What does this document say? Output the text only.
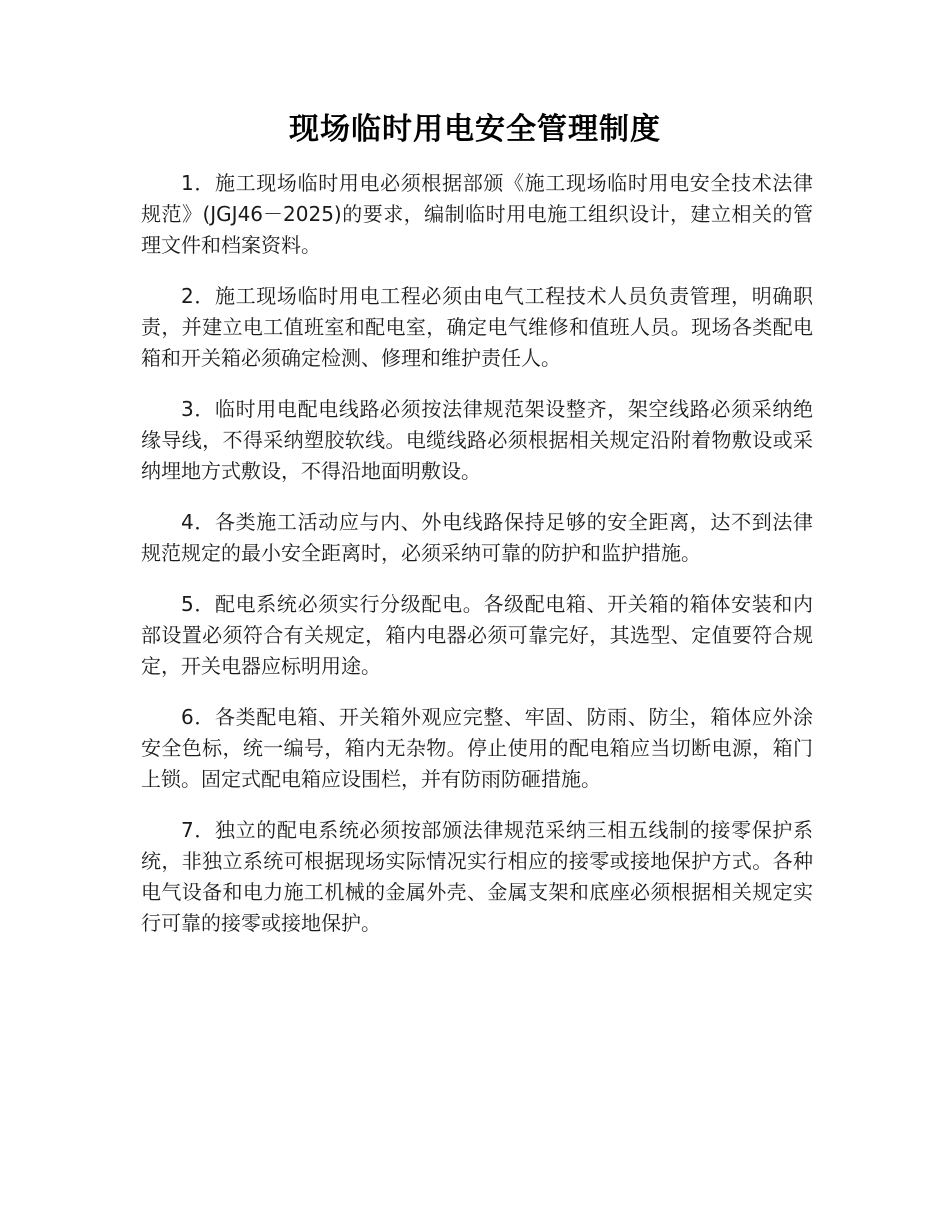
现场临时用电安全管理制度

1．施工现场临时用电必须根据部颁《施工现场临时用电安全技术法律规范》(JGJ46－2025)的要求，编制临时用电施工组织设计，建立相关的管理文件和档案资料。

2．施工现场临时用电工程必须由电气工程技术人员负责管理，明确职责，并建立电工值班室和配电室，确定电气维修和值班人员。现场各类配电箱和开关箱必须确定检测、修理和维护责任人。

3．临时用电配电线路必须按法律规范架设整齐，架空线路必须采纳绝缘导线，不得采纳塑胶软线。电缆线路必须根据相关规定沿附着物敷设或采纳埋地方式敷设，不得沿地面明敷设。

4．各类施工活动应与内、外电线路保持足够的安全距离，达不到法律规范规定的最小安全距离时，必须采纳可靠的防护和监护措施。

5．配电系统必须实行分级配电。各级配电箱、开关箱的箱体安装和内部设置必须符合有关规定，箱内电器必须可靠完好，其选型、定值要符合规定，开关电器应标明用途。

6．各类配电箱、开关箱外观应完整、牢固、防雨、防尘，箱体应外涂安全色标，统一编号，箱内无杂物。停止使用的配电箱应当切断电源，箱门上锁。固定式配电箱应设围栏，并有防雨防砸措施。

7．独立的配电系统必须按部颁法律规范采纳三相五线制的接零保护系统，非独立系统可根据现场实际情况实行相应的接零或接地保护方式。各种电气设备和电力施工机械的金属外壳、金属支架和底座必须根据相关规定实行可靠的接零或接地保护。
